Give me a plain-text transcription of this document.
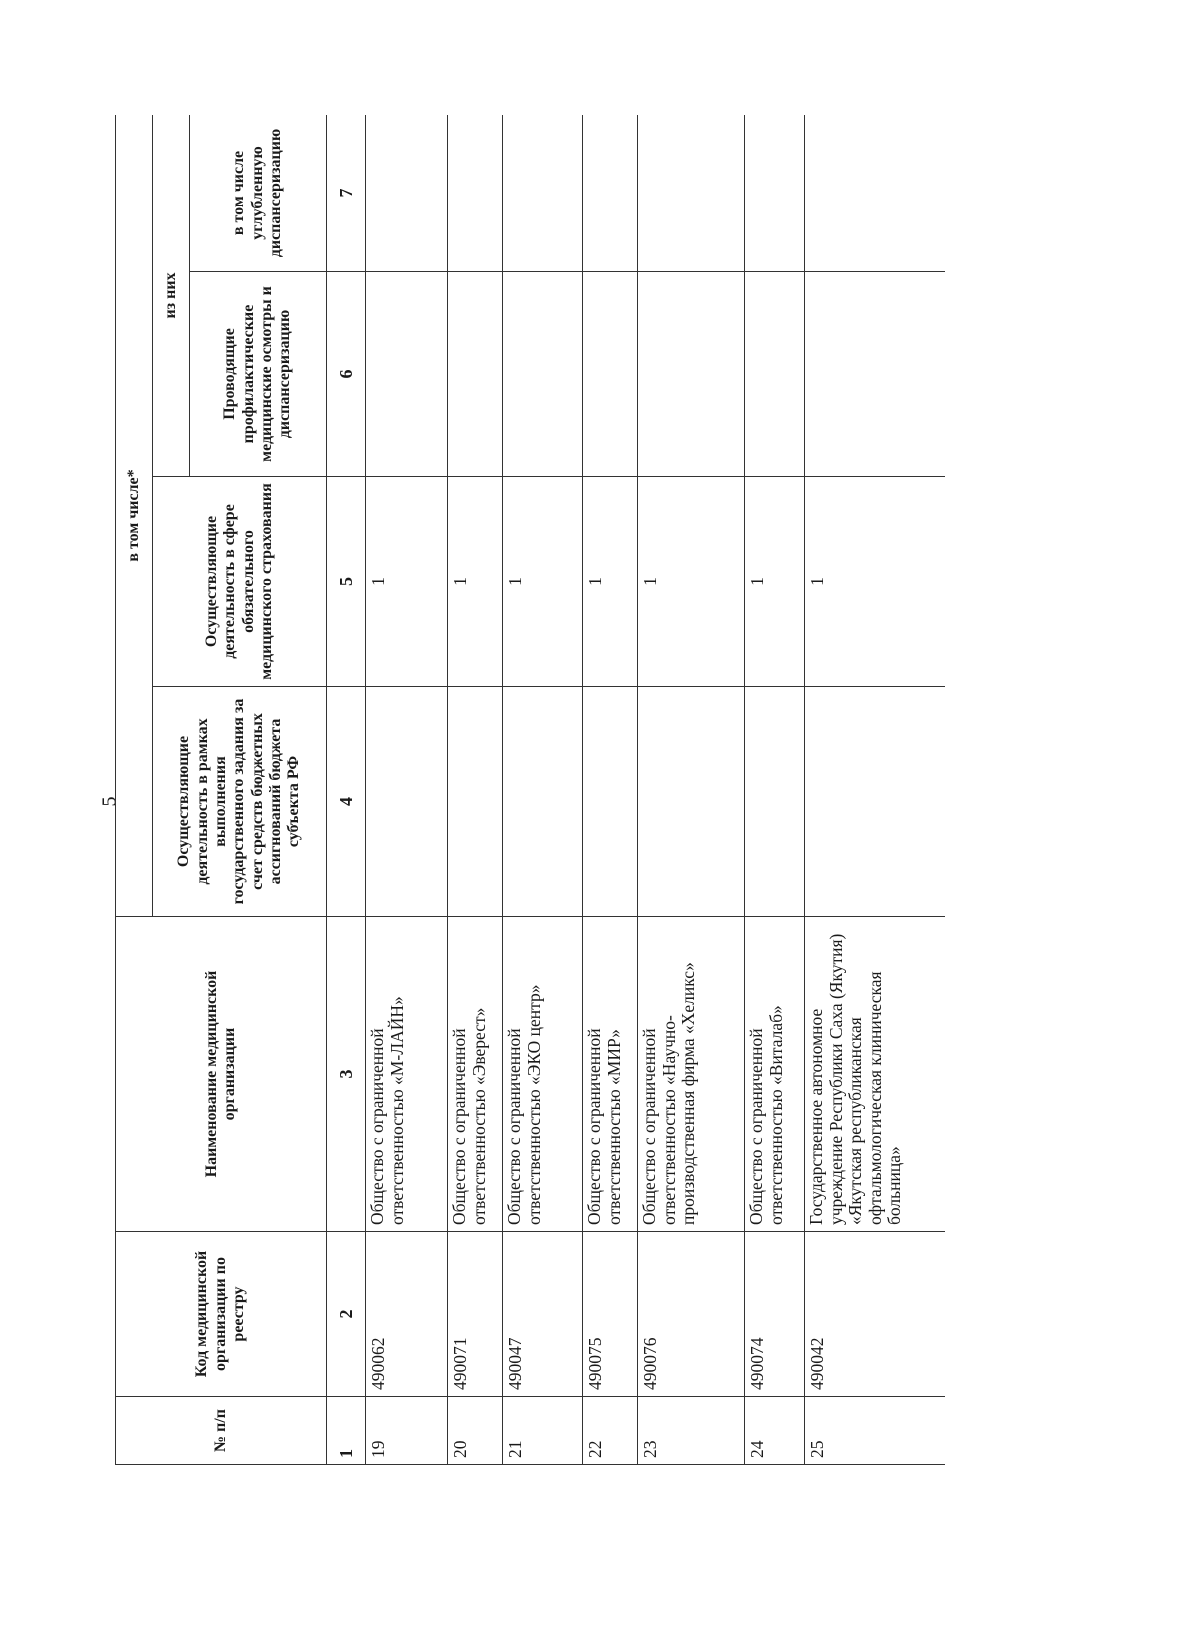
5
№ п/п	Код медицинской организации по реестру	Наименование медицинской организации	в том числе*			
			Осуществляющие деятельность в рамках выполнения государственного задания за счет средств бюджетных ассигнований бюджета субъекта РФ	Осуществляющие деятельность в сфере обязательного медицинского страхования	из них	
					Проводящие профилактические медицинские осмотры и диспансеризацию	в том числе углубленную диспансеризацию
1	2	3	4	5	6	7
19	490062	Общество с ограниченной ответственностью «М-ЛАЙН»		1		
20	490071	Общество с ограниченной ответственностью «Эверест»		1		
21	490047	Общество с ограниченной ответственностью «ЭКО центр»		1		
22	490075	Общество с ограниченной ответственностью «МИР»		1		
23	490076	Общество с ограниченной ответственностью «Научно-производственная фирма «Хеликс»		1		
24	490074	Общество с ограниченной ответственностью «Виталаб»		1		
25	490042	Государственное автономное учреждение Республики Саха (Якутия) «Якутская республиканская офтальмологическая клиническая больница»		1		
